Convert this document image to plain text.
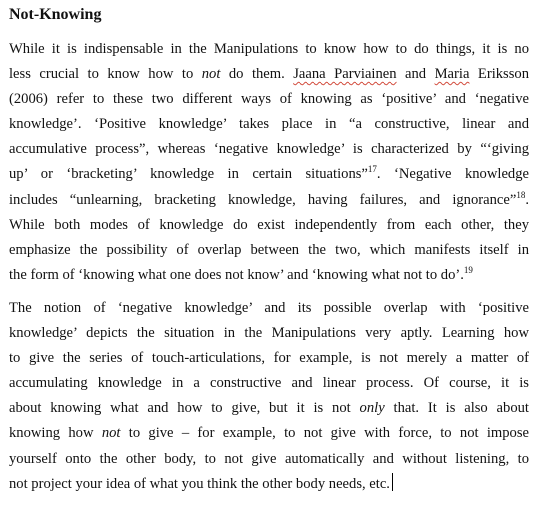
Not-Knowing

While it is indispensable in the Manipulations to know how to do things, it is no
less crucial to know how to not do them. Jaana Parviainen and Maria Eriksson
(2006) refer to these two different ways of knowing as ‘positive’ and ‘negative
knowledge’. ‘Positive knowledge’ takes place in “a constructive, linear and
accumulative process”, whereas ‘negative knowledge’ is characterized by “‘giving
up’ or ‘bracketing’ knowledge in certain situations”$^{17}$. ‘Negative knowledge
includes “unlearning, bracketing knowledge, having failures, and ignorance”$^{18}$.
While both modes of knowledge do exist independently from each other, they
emphasize the possibility of overlap between the two, which manifests itself in
the form of ‘knowing what one does not know’ and ‘knowing what not to do’.$^{19}$

The notion of ‘negative knowledge’ and its possible overlap with ‘positive
knowledge’ depicts the situation in the Manipulations very aptly. Learning how
to give the series of touch-articulations, for example, is not merely a matter of
accumulating knowledge in a constructive and linear process. Of course, it is
about knowing what and how to give, but it is not only that. It is also about
knowing how not to give – for example, to not give with force, to not impose
yourself onto the other body, to not give automatically and without listening, to
not project your idea of what you think the other body needs, etc.
